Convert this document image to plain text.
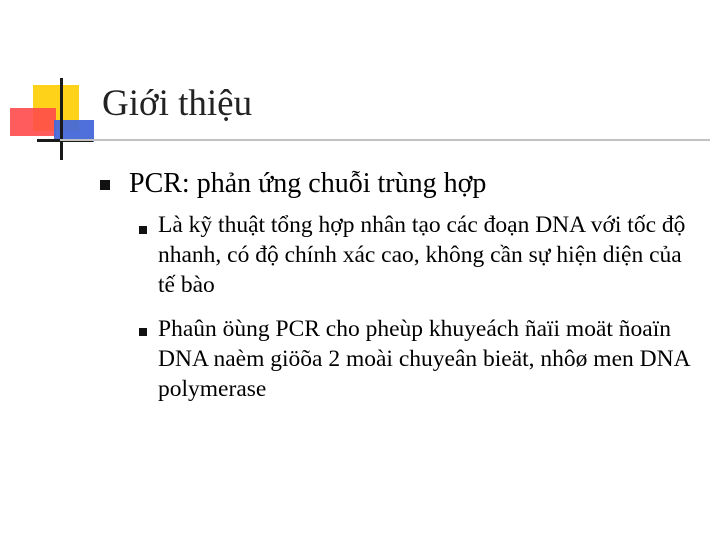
Giới thiệu
PCR: phản ứng chuỗi trùng hợp
Là kỹ thuật tổng hợp nhân tạo các đoạn DNA với tốc độ nhanh, có độ chính xác cao, không cần sự hiện diện của tế bào
Phaûn öùng PCR cho pheùp khuyeách ñaïi moät ñoaïn DNA naèm giöõa 2 moài chuyeân bieät, nhôø men DNA polymerase
